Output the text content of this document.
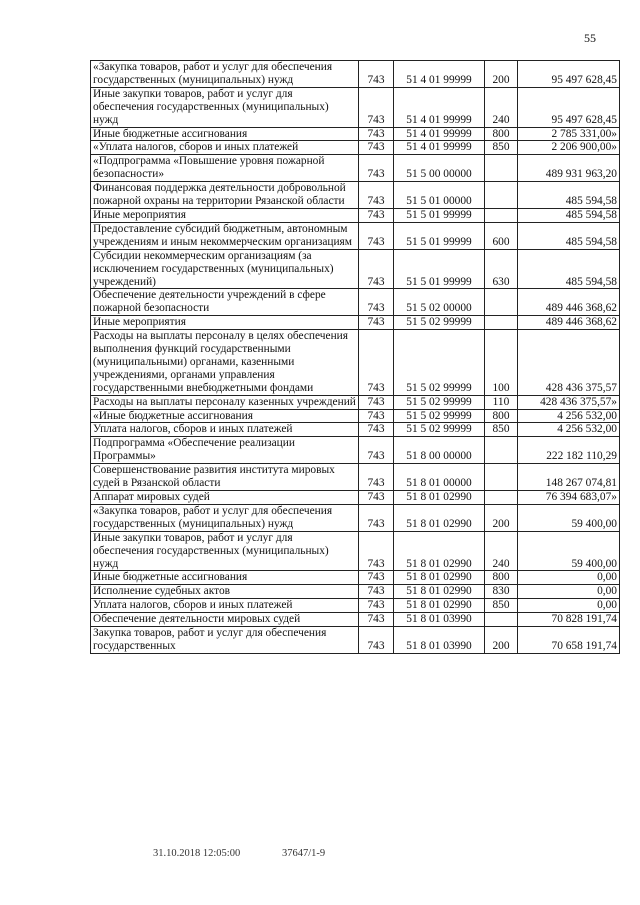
55
«Закупка товаров, работ и услуг для обеспечения государственных (муниципальных) нужд	743	51 4 01 99999	200	95 497 628,45
Иные закупки товаров, работ и услуг для обеспечения государственных (муниципальных) нужд	743	51 4 01 99999	240	95 497 628,45
Иные бюджетные ассигнования	743	51 4 01 99999	800	2 785 331,00»
«Уплата налогов, сборов и иных платежей	743	51 4 01 99999	850	2 206 900,00»
«Подпрограмма «Повышение уровня пожарной безопасности»	743	51 5 00 00000		489 931 963,20
Финансовая поддержка деятельности добровольной пожарной охраны на территории Рязанской области	743	51 5 01 00000		485 594,58
Иные мероприятия	743	51 5 01 99999		485 594,58
Предоставление субсидий бюджетным, автономным учреждениям и иным некоммерческим организациям	743	51 5 01 99999	600	485 594,58
Субсидии некоммерческим организациям (за исключением государственных (муниципальных) учреждений)	743	51 5 01 99999	630	485 594,58
Обеспечение деятельности учреждений в сфере пожарной безопасности	743	51 5 02 00000		489 446 368,62
Иные мероприятия	743	51 5 02 99999		489 446 368,62
Расходы на выплаты персоналу в целях обеспечения выполнения функций государственными (муниципальными) органами, казенными учреждениями, органами управления государственными внебюджетными фондами	743	51 5 02 99999	100	428 436 375,57
Расходы на выплаты персоналу казенных учреждений	743	51 5 02 99999	110	428 436 375,57»
«Иные бюджетные ассигнования	743	51 5 02 99999	800	4 256 532,00
Уплата налогов, сборов и иных платежей	743	51 5 02 99999	850	4 256 532,00
Подпрограмма «Обеспечение реализации Программы»	743	51 8 00 00000		222 182 110,29
Совершенствование развития института мировых судей в Рязанской области	743	51 8 01 00000		148 267 074,81
Аппарат мировых судей	743	51 8 01 02990		76 394 683,07»
«Закупка товаров, работ и услуг для обеспечения государственных (муниципальных) нужд	743	51 8 01 02990	200	59 400,00
Иные закупки товаров, работ и услуг для обеспечения государственных (муниципальных) нужд	743	51 8 01 02990	240	59 400,00
Иные бюджетные ассигнования	743	51 8 01 02990	800	0,00
Исполнение судебных актов	743	51 8 01 02990	830	0,00
Уплата налогов, сборов и иных платежей	743	51 8 01 02990	850	0,00
Обеспечение деятельности мировых судей	743	51 8 01 03990		70 828 191,74
Закупка товаров, работ и услуг для обеспечения государственных	743	51 8 01 03990	200	70 658 191,74
31.10.2018 12:05:00	37647/1-9
